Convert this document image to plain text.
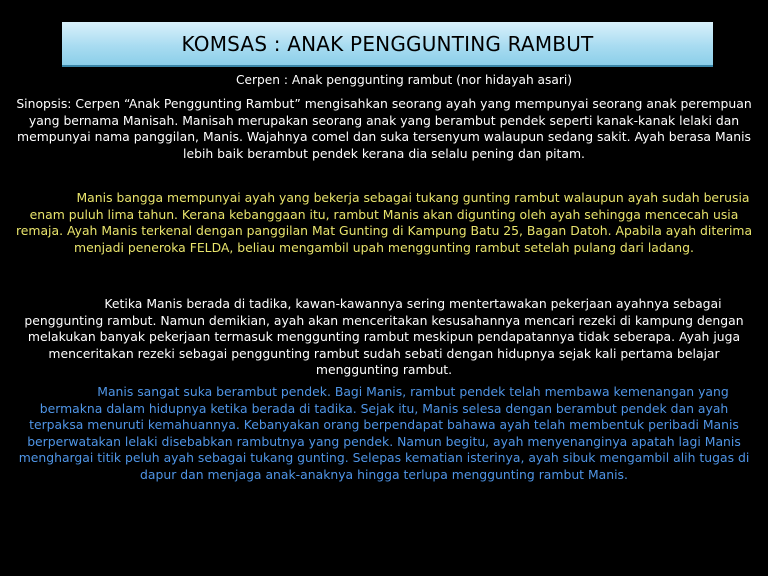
KOMSAS : ANAK PENGGUNTING RAMBUT
Cerpen : Anak penggunting rambut (nor hidayah asari)

Sinopsis: Cerpen “Anak Penggunting Rambut” mengisahkan seorang ayah yang mempunyai seorang anak perempuan yang bernama Manisah. Manisah merupakan seorang anak yang berambut pendek seperti kanak-kanak lelaki dan mempunyai nama panggilan, Manis. Wajahnya comel dan suka tersenyum walaupun sedang sakit. Ayah berasa Manis lebih baik berambut pendek kerana dia selalu pening dan pitam.

Manis bangga mempunyai ayah yang bekerja sebagai tukang gunting rambut walaupun ayah sudah berusia enam puluh lima tahun. Kerana kebanggaan itu, rambut Manis akan digunting oleh ayah sehingga mencecah usia remaja. Ayah Manis terkenal dengan panggilan Mat Gunting di Kampung Batu 25, Bagan Datoh. Apabila ayah diterima menjadi peneroka FELDA, beliau mengambil upah menggunting rambut setelah pulang dari ladang.

Ketika Manis berada di tadika, kawan-kawannya sering mentertawakan pekerjaan ayahnya sebagai penggunting rambut. Namun demikian, ayah akan menceritakan kesusahannya mencari rezeki di kampung dengan melakukan banyak pekerjaan termasuk menggunting rambut meskipun pendapatannya tidak seberapa. Ayah juga menceritakan rezeki sebagai penggunting rambut sudah sebati dengan hidupnya sejak kali pertama belajar menggunting rambut.

Manis sangat suka berambut pendek. Bagi Manis, rambut pendek telah membawa kemenangan yang bermakna dalam hidupnya ketika berada di tadika. Sejak itu, Manis selesa dengan berambut pendek dan ayah terpaksa menuruti kemahuannya. Kebanyakan orang berpendapat bahawa ayah telah membentuk peribadi Manis berperwatakan lelaki disebabkan rambutnya yang pendek. Namun begitu, ayah menyenanginya apatah lagi Manis menghargai titik peluh ayah sebagai tukang gunting. Selepas kematian isterinya, ayah sibuk mengambil alih tugas di dapur dan menjaga anak-anaknya hingga terlupa menggunting rambut Manis.
